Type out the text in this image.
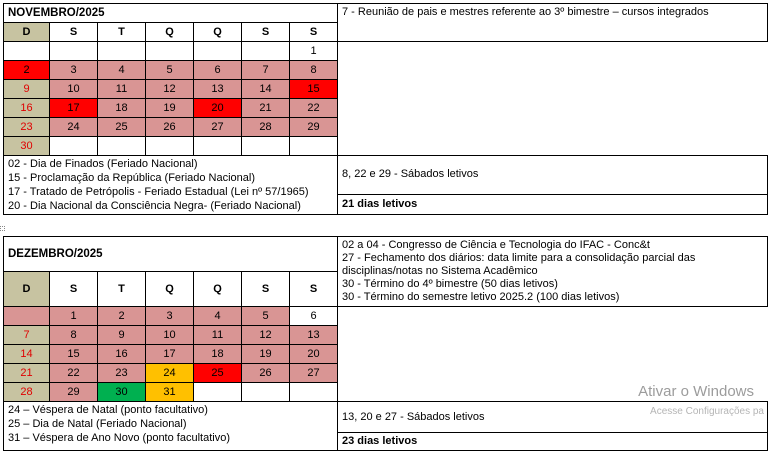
NOVEMBRO/2025							7 - Reunião de pais e mestres referente ao 3º bimestre – cursos integrados
D	S	T	Q	Q	S	S	
						1	
2	3	4	5	6	7	8	
9	10	11	12	13	14	15	
16	17	18	19	20	21	22	
23	24	25	26	27	28	29	
30							

02 - Dia de Finados (Feriado Nacional)
15 - Proclamação da República (Feriado Nacional)
17 - Tratado de Petrópolis - Feriado Estadual (Lei nº 57/1965)
20 - Dia Nacional da Consciência Negra- (Feriado Nacional)							8, 22 e 29 - Sábados letivos
							21 dias letivos
DEZEMBRO/2025							02 a 04 - Congresso de Ciência e Tecnologia do IFAC - Conc&t
27 - Fechamento dos diários: data limite para a consolidação parcial das disciplinas/notas no Sistema Acadêmico
30 - Término do 4º bimestre (50 dias letivos)
30 - Término do semestre letivo 2025.2 (100 dias letivos)

D	S	T	Q	Q	S	S	
	1	2	3	4	5	6	
7	8	9	10	11	12	13	
14	15	16	17	18	19	20	
21	22	23	24	25	26	27	
28	29	30	31				

24 – Véspera de Natal (ponto facultativo)
25 – Dia de Natal (Feriado Nacional)
31 – Véspera de Ano Novo (ponto facultativo)							13, 20 e 27 - Sábados letivos
							23 dias letivos
Ativar o Windows
Acesse Configurações pa
